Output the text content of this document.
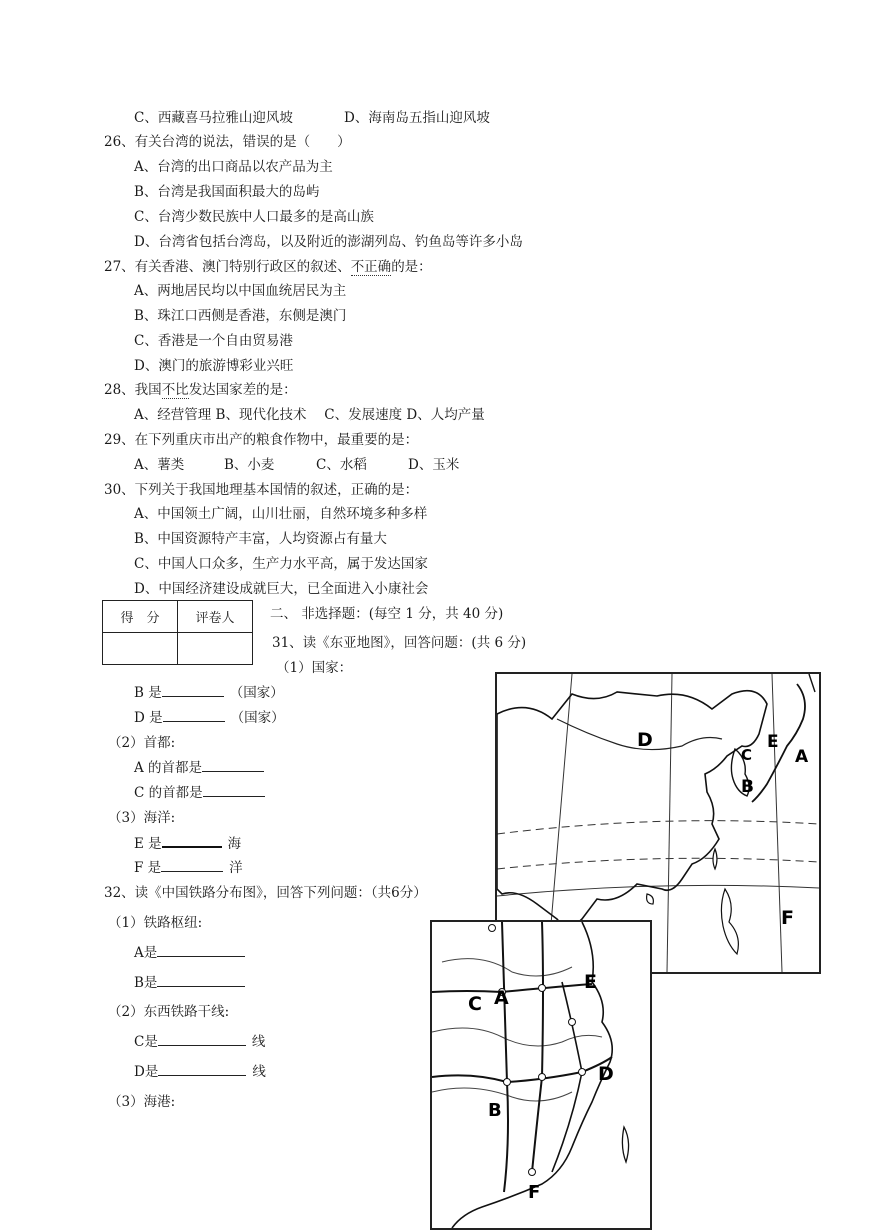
C、西藏喜马拉雅山迎风坡	D、海南岛五指山迎风坡
26、有关台湾的说法，错误的是（　　）
A、台湾的出口商品以农产品为主
B、台湾是我国面积最大的岛屿
C、台湾少数民族中人口最多的是高山族
D、台湾省包括台湾岛，以及附近的澎湖列岛、钓鱼岛等许多小岛
27、有关香港、澳门特别行政区的叙述、不正确的是：
A、两地居民均以中国血统居民为主
B、珠江口西侧是香港，东侧是澳门
C、香港是一个自由贸易港
D、澳门的旅游博彩业兴旺
28、我国不比发达国家差的是：
A、经营管理 B、现代化技术　 C、发展速度 D、人均产量
29、在下列重庆市出产的粮食作物中，最重要的是：
A、薯类	B、小麦	C、水稻	D、玉米
30、下列关于我国地理基本国情的叙述，正确的是：
A、中国领土广阔，山川壮丽，自然环境多种多样
B、中国资源特产丰富，人均资源占有量大
C、中国人口众多，生产力水平高，属于发达国家
D、中国经济建设成就巨大，已全面进入小康社会
得　分	评卷人
		二、 非选择题：(每空 1 分，共 40 分)
31、读《东亚地图》，回答问题：(共 6 分)
（1）国家：
B 是	（国家）
D 是	（国家）
（2）首都:
A 的首都是
C 的首都是
（3）海洋:
E 是	海
F 是	洋
32、读《中国铁路分布图》，回答下列问题：（共6分）
（1）铁路枢纽:
A是
B是
（2）东西铁路干线:
C是	线
D是	线
（3）海港:
D
C
E
A
B
F
C A
E
D
B
F
